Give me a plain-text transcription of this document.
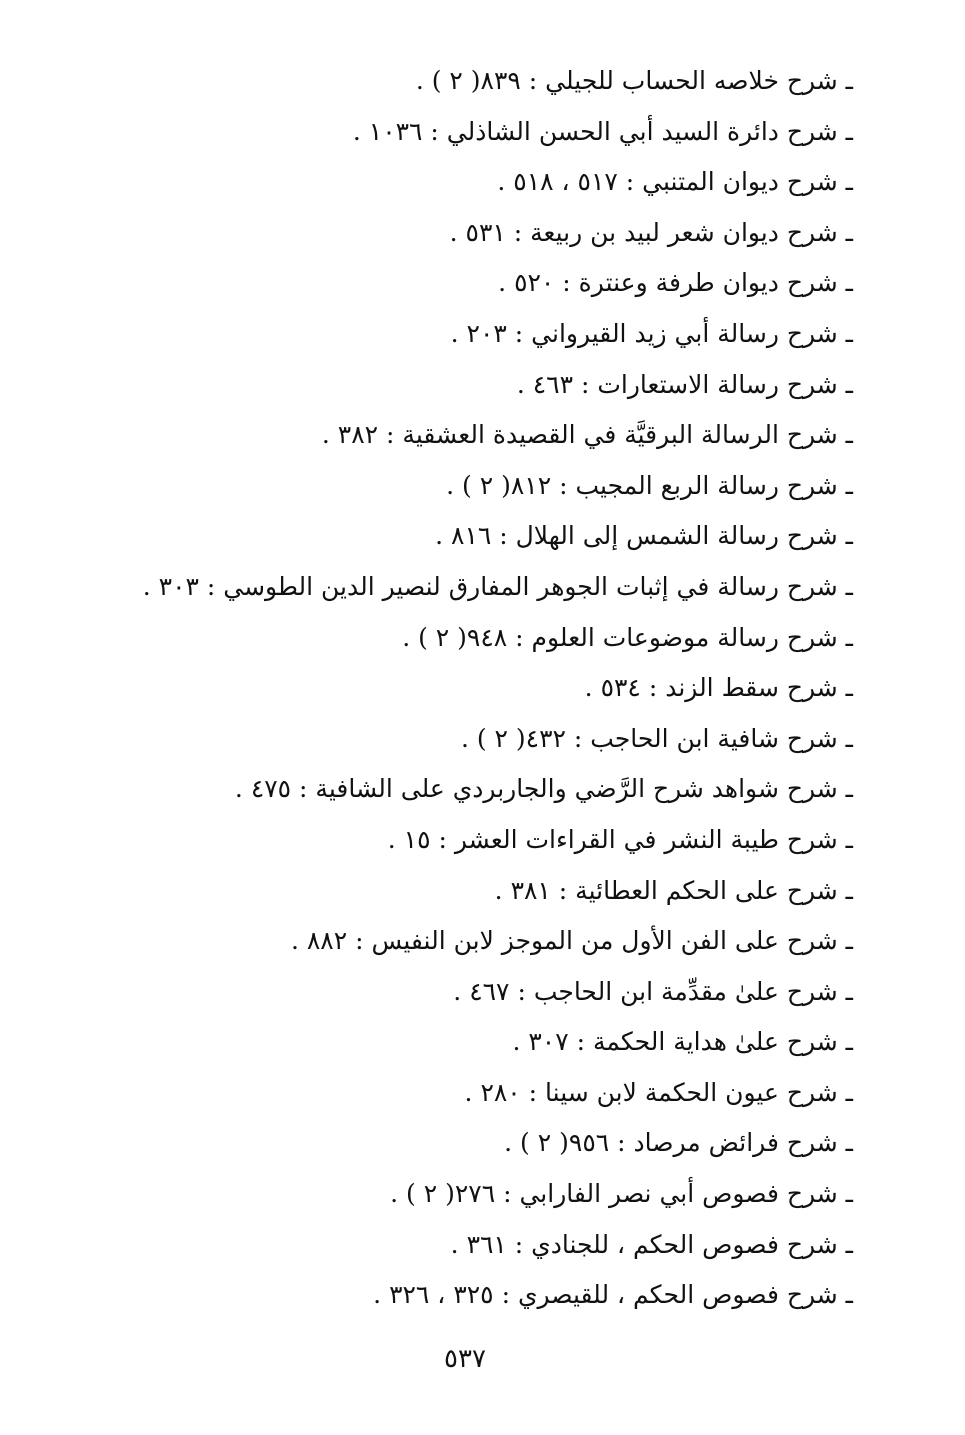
ـ شرح خلاصه الحساب للجيلي : ٨٣٩( ٢ ) .
ـ شرح دائرة السيد أبي الحسن الشاذلي : ١٠٣٦ .
ـ شرح ديوان المتنبي : ٥١٧ ، ٥١٨ .
ـ شرح ديوان شعر لبيد بن ربيعة : ٥٣١ .
ـ شرح ديوان طرفة وعنترة : ٥٢٠ .
ـ شرح رسالة أبي زيد القيرواني : ٢٠٣ .
ـ شرح رسالة الاستعارات : ٤٦٣ .
ـ شرح الرسالة البرقيَّة في القصيدة العشقية : ٣٨٢ .
ـ شرح رسالة الربع المجيب : ٨١٢( ٢ ) .
ـ شرح رسالة الشمس إلى الهلال : ٨١٦ .
ـ شرح رسالة في إثبات الجوهر المفارق لنصير الدين الطوسي : ٣٠٣ .
ـ شرح رسالة موضوعات العلوم : ٩٤٨( ٢ ) .
ـ شرح سقط الزند : ٥٣٤ .
ـ شرح شافية ابن الحاجب : ٤٣٢( ٢ ) .
ـ شرح شواهد شرح الرَّضي والجاربردي على الشافية : ٤٧٥ .
ـ شرح طيبة النشر في القراءات العشر : ١٥ .
ـ شرح على الحكم العطائية : ٣٨١ .
ـ شرح على الفن الأول من الموجز لابن النفيس : ٨٨٢ .
ـ شرح علىٰ مقدِّمة ابن الحاجب : ٤٦٧ .
ـ شرح علىٰ هداية الحكمة : ٣٠٧ .
ـ شرح عيون الحكمة لابن سينا : ٢٨٠ .
ـ شرح فرائض مرصاد : ٩٥٦( ٢ ) .
ـ شرح فصوص أبي نصر الفارابي : ٢٧٦( ٢ ) .
ـ شرح فصوص الحكم ، للجنادي : ٣٦١ .
ـ شرح فصوص الحكم ، للقيصري : ٣٢٥ ، ٣٢٦ .
٥٣٧
